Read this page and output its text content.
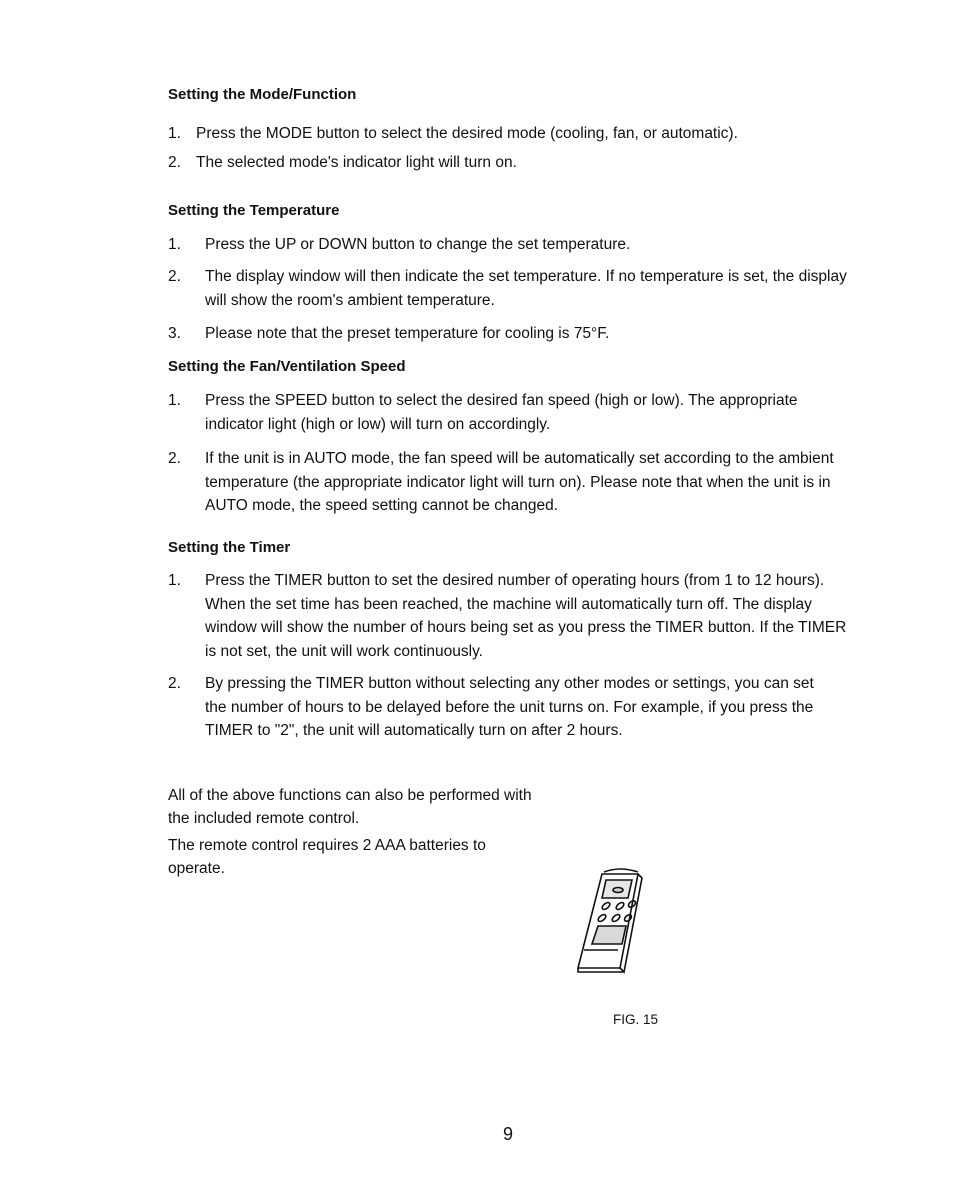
Setting the Mode/Function
1. Press the MODE button to select the desired mode (cooling, fan, or automatic).
2. The selected mode's indicator light will turn on.
Setting the Temperature
1. Press the UP or DOWN button to change the set temperature.
2. The display window will then indicate the set temperature. If no temperature is set, the display will show the room's ambient temperature.
3. Please note that the preset temperature for cooling is 75°F.
Setting the Fan/Ventilation Speed
1. Press the SPEED button to select the desired fan speed (high or low). The appropriate indicator light (high or low) will turn on accordingly.
2. If the unit is in AUTO mode, the fan speed will be automatically set according to the ambient temperature (the appropriate indicator light will turn on). Please note that when the unit is in AUTO mode, the speed setting cannot be changed.
Setting the Timer
1. Press the TIMER button to set the desired number of operating hours (from 1 to 12 hours). When the set time has been reached, the machine will automatically turn off. The display window will show the number of hours being set as you press the TIMER button. If the TIMER is not set, the unit will work continuously.
2. By pressing the TIMER button without selecting any other modes or settings, you can set the number of hours to be delayed before the unit turns on. For example, if you press the TIMER to "2", the unit will automatically turn on after 2 hours.
All of the above functions can also be performed with the included remote control.
The remote control requires 2 AAA batteries to operate.
FIG. 15
9
